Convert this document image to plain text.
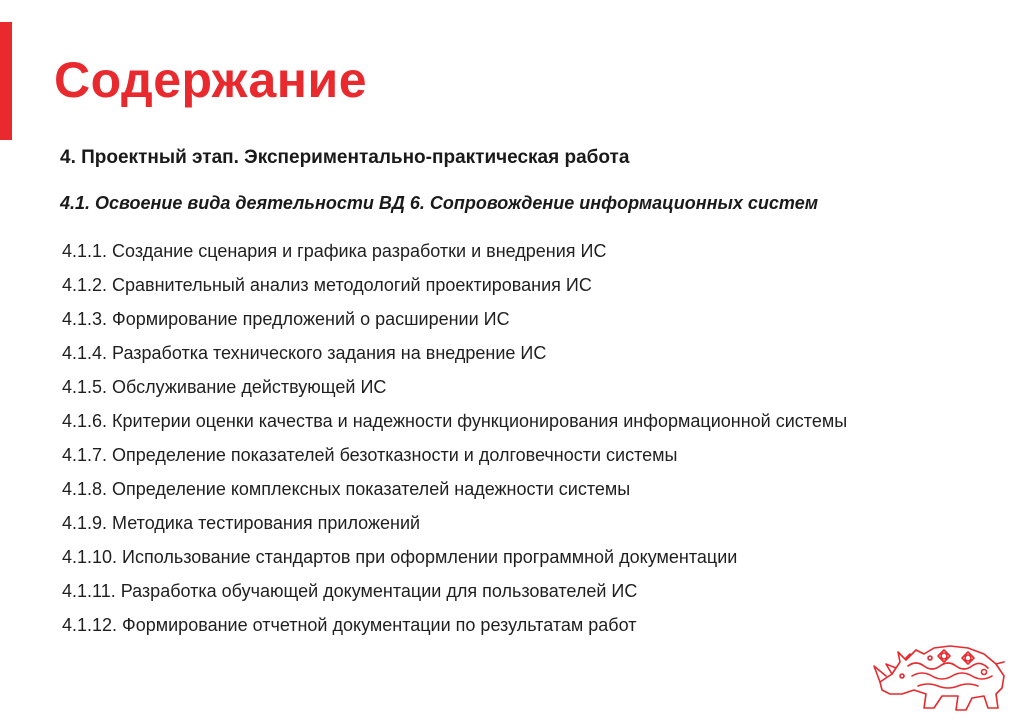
Содержание
4. Проектный этап. Экспериментально-практическая работа
4.1. Освоение вида деятельности ВД 6. Сопровождение информационных систем
4.1.1. Создание сценария и графика разработки и внедрения ИС
4.1.2. Сравнительный анализ методологий проектирования ИС
4.1.3. Формирование предложений о расширении ИС
4.1.4. Разработка технического задания на внедрение ИС
4.1.5. Обслуживание действующей ИС
4.1.6. Критерии оценки качества и надежности функционирования информационной системы
4.1.7. Определение показателей безотказности и долговечности системы
4.1.8. Определение комплексных показателей надежности системы
4.1.9. Методика тестирования приложений
4.1.10. Использование стандартов при оформлении программной документации
4.1.11. Разработка обучающей документации для пользователей ИС
4.1.12. Формирование отчетной документации по результатам работ
